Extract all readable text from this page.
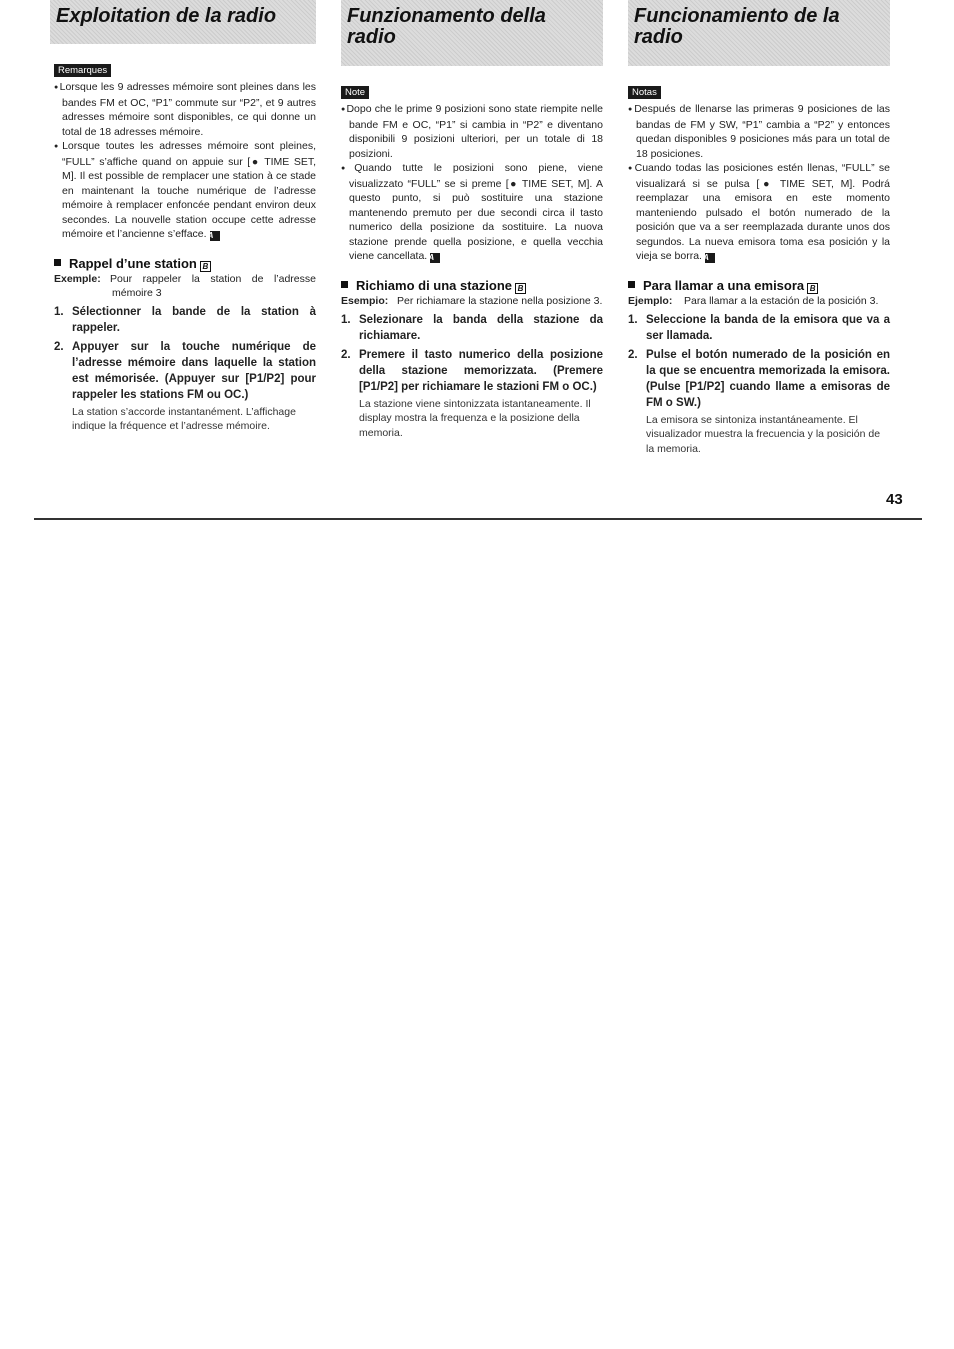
Exploitation de la radio
Remarques
● Lorsque les 9 adresses mémoire sont pleines dans les bandes FM et OC, “P1” commute sur “P2”, et 9 autres adresses mémoire sont disponibles, ce qui donne un total de 18 adresses mémoire.
● Lorsque toutes les adresses mémoire sont pleines, “FULL” s’affiche quand on appuie sur [● TIME SET, M]. Il est possible de remplacer une station à ce stade en maintenant la touche numérique de l’adresse mémoire à remplacer enfoncée pendant environ deux secondes. La nouvelle station occupe cette adresse mémoire et l’ancienne s’efface.A
Rappel d’une station B
Exemple: Pour rappeler la station de l’adresse mémoire 3
1. Sélectionner la bande de la station à rappeler.
2. Appuyer sur la touche numérique de l’adresse mémoire dans laquelle la station est mémorisée. (Appuyer sur [P1/P2] pour rappeler les stations FM ou OC.)
La station s’accorde instantanément. L’affichage indique la fréquence et l’adresse mémoire.
Funzionamento della radio
Note
● Dopo che le prime 9 posizioni sono state riempite nelle bande FM e OC, “P1” si cambia in “P2” e diventano disponibili 9 posizioni ulteriori, per un totale di 18 posizioni.
● Quando tutte le posizioni sono piene, viene visualizzato “FULL” se si preme [● TIME SET, M]. A questo punto, si può sostituire una stazione mantenendo premuto per due secondi circa il tasto numerico della posizione da sostituire. La nuova stazione prende quella posizione, e quella vecchia viene cancellata.A
Richiamo di una stazione B
Esempio: Per richiamare la stazione nella posizione 3.
1. Selezionare la banda della stazione da richiamare.
2. Premere il tasto numerico della posizione della stazione memorizzata. (Premere [P1/P2] per richiamare le stazioni FM o OC.)
La stazione viene sintonizzata istantaneamente. Il display mostra la frequenza e la posizione della memoria.
Funcionamiento de la radio
Notas
● Después de llenarse las primeras 9 posiciones de las bandas de FM y SW, “P1” cambia a “P2” y entonces quedan disponibles 9 posiciones más para un total de 18 posiciones.
● Cuando todas las posiciones estén llenas, “FULL” se visualizará si se pulsa [● TIME SET, M]. Podrá reemplazar una emisora en este momento manteniendo pulsado el botón numerado de la posición que va a ser reemplazada durante unos dos segundos. La nueva emisora toma esa posición y la vieja se borra.A
Para llamar a una emisora B
Ejemplo: Para llamar a la estación de la posición 3.
1. Seleccione la banda de la emisora que va a ser llamada.
2. Pulse el botón numerado de la posición en la que se encuentra memorizada la emisora. (Pulse [P1/P2] cuando llame a emisoras de FM o SW.)
La emisora se sintoniza instantáneamente. El visualizador muestra la frecuencia y la posición de la memoria.
43
